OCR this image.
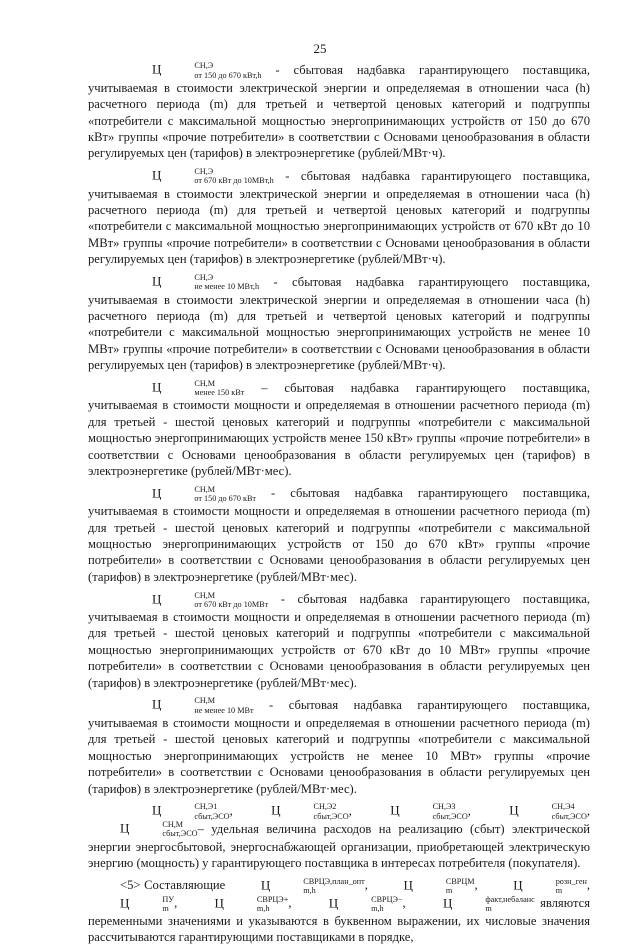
25

Ц	СН,Э
от 150 до 670 кВт,h - сбытовая надбавка гарантирующего поставщика, учитываемая в стоимости электрической энергии и определяемая в отношении часа (h) расчетного периода (m) для третьей и четвертой ценовых категорий и подгруппы «потребители с максимальной мощностью энергопринимающих устройств от 150 до 670 кВт» группы «прочие потребители» в соответствии с Основами ценообразования в области регулируемых цен (тарифов) в электроэнергетике (рублей/МВт·ч).

Ц	СН,Э
от 670 кВт до 10МВт,h - сбытовая надбавка гарантирующего поставщика, учитываемая в стоимости электрической энергии и определяемая в отношении часа (h) расчетного периода (m) для третьей и четвертой ценовых категорий и подгруппы «потребители с максимальной мощностью энергопринимающих устройств от 670 кВт до 10 МВт» группы «прочие потребители» в соответствии с Основами ценообразования в области регулируемых цен (тарифов) в электроэнергетике (рублей/МВт·ч).

Ц	СН,Э
не менее 10 МВт,h - сбытовая надбавка гарантирующего поставщика, учитываемая в стоимости электрической энергии и определяемая в отношении часа (h) расчетного периода (m) для третьей и четвертой ценовых категорий и подгруппы «потребители с максимальной мощностью энергопринимающих устройств не менее 10 МВт» группы «прочие потребители» в соответствии с Основами ценообразования в области регулируемых цен (тарифов) в электроэнергетике (рублей/МВт·ч).

Ц	СН,М
менее 150 кВт – сбытовая надбавка гарантирующего поставщика, учитываемая в стоимости мощности и определяемая в отношении расчетного периода (m) для третьей - шестой ценовых категорий и подгруппы «потребители с максимальной мощностью энергопринимающих устройств менее 150 кВт» группы «прочие потребители» в соответствии с Основами ценообразования в области регулируемых цен (тарифов) в электроэнергетике (рублей/МВт·мес).

Ц	СН,М
от 150 до 670 кВт - сбытовая надбавка гарантирующего поставщика, учитываемая в стоимости мощности и определяемая в отношении расчетного периода (m) для третьей - шестой ценовых категорий и подгруппы «потребители с максимальной мощностью энергопринимающих устройств от 150 до 670 кВт» группы «прочие потребители» в соответствии с Основами ценообразования в области регулируемых цен (тарифов) в электроэнергетике (рублей/МВт·мес).

Ц	СН,М
от 670 кВт до 10МВт - сбытовая надбавка гарантирующего поставщика, учитываемая в стоимости мощности и определяемая в отношении расчетного периода (m) для третьей - шестой ценовых категорий и подгруппы «потребители с максимальной мощностью энергопринимающих устройств от 670 кВт до 10 МВт» группы «прочие потребители» в соответствии с Основами ценообразования в области регулируемых цен (тарифов) в электроэнергетике (рублей/МВт·мес).

Ц	СН,М
не менее 10 МВт - сбытовая надбавка гарантирующего поставщика, учитываемая в стоимости мощности и определяемая в отношении расчетного периода (m) для третьей - шестой ценовых категорий и подгруппы «потребители с максимальной мощностью энергопринимающих устройств не менее 10 МВт» группы «прочие потребители» в соответствии с Основами ценообразования в области регулируемых цен (тарифов) в электроэнергетике (рублей/МВт·мес).

Ц	СН,Э1
сбыт,ЭСО , Ц	СН,Э2
сбыт,ЭСО , Ц	СН,Э3
сбыт,ЭСО , Ц	СН,Э4
сбыт,ЭСО , Ц	СН,М
сбыт,ЭСО – удельная величина расходов на реализацию (сбыт) электрической энергии энергосбытовой, энергоснабжающей организации, приобретающей электрическую энергию (мощность) у гарантирующего поставщика в интересах потребителя (покупателя).

<5> Составляющие	Ц	СВРЦЭ,план_опт
m,h	, Ц	СВРЦМ
m	, Ц	розн_ген
m	, Ц	ПУ
m , Ц	СВРЦЭ+
m,h	, Ц	СВРЦЭ−
m,h	, Ц	факт,небаланс
m	являются переменными значениями и указываются в буквенном выражении, их числовые значения рассчитываются гарантирующими поставщиками в порядке,
